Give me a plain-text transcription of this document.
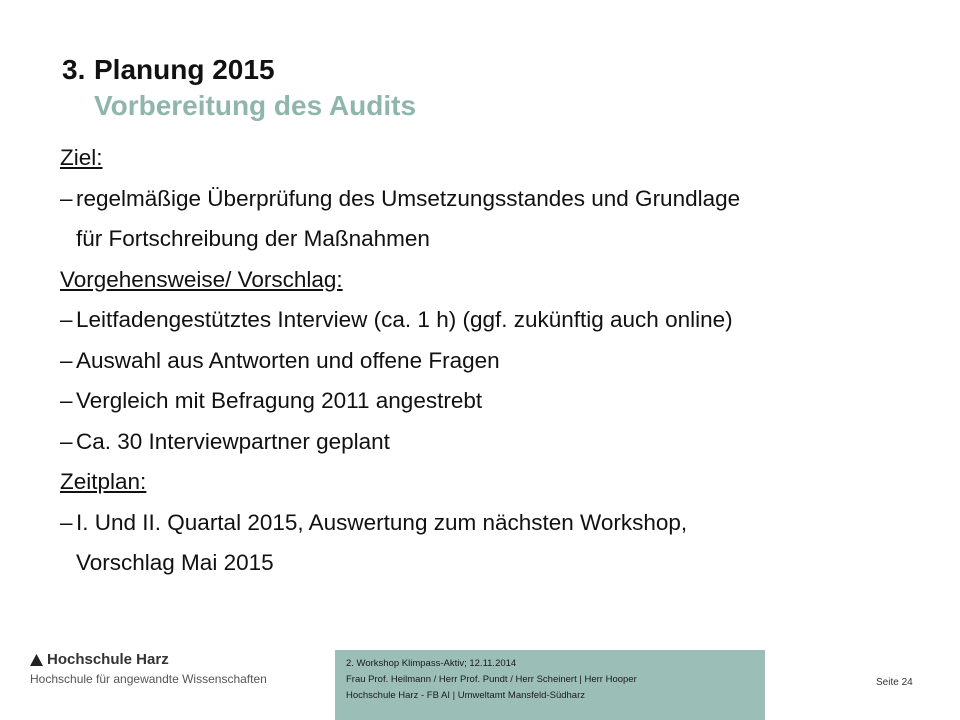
3. Planung 2015
Vorbereitung des Audits
Ziel:
– regelmäßige Überprüfung des Umsetzungsstandes und Grundlage
für Fortschreibung der Maßnahmen
Vorgehensweise/ Vorschlag:
– Leitfadengestütztes Interview (ca. 1 h) (ggf. zukünftig auch online)
– Auswahl aus Antworten und offene Fragen
– Vergleich mit Befragung 2011 angestrebt
– Ca. 30 Interviewpartner geplant
Zeitplan:
– I. Und II. Quartal 2015, Auswertung zum nächsten Workshop,
Vorschlag Mai 2015
Hochschule Harz
Hochschule für angewandte Wissenschaften
2. Workshop Klimpass-Aktiv; 12.11.2014
Frau Prof. Heilmann / Herr Prof. Pundt / Herr Scheinert | Herr Hooper
Hochschule Harz - FB AI | Umweltamt Mansfeld-Südharz
Seite 24
